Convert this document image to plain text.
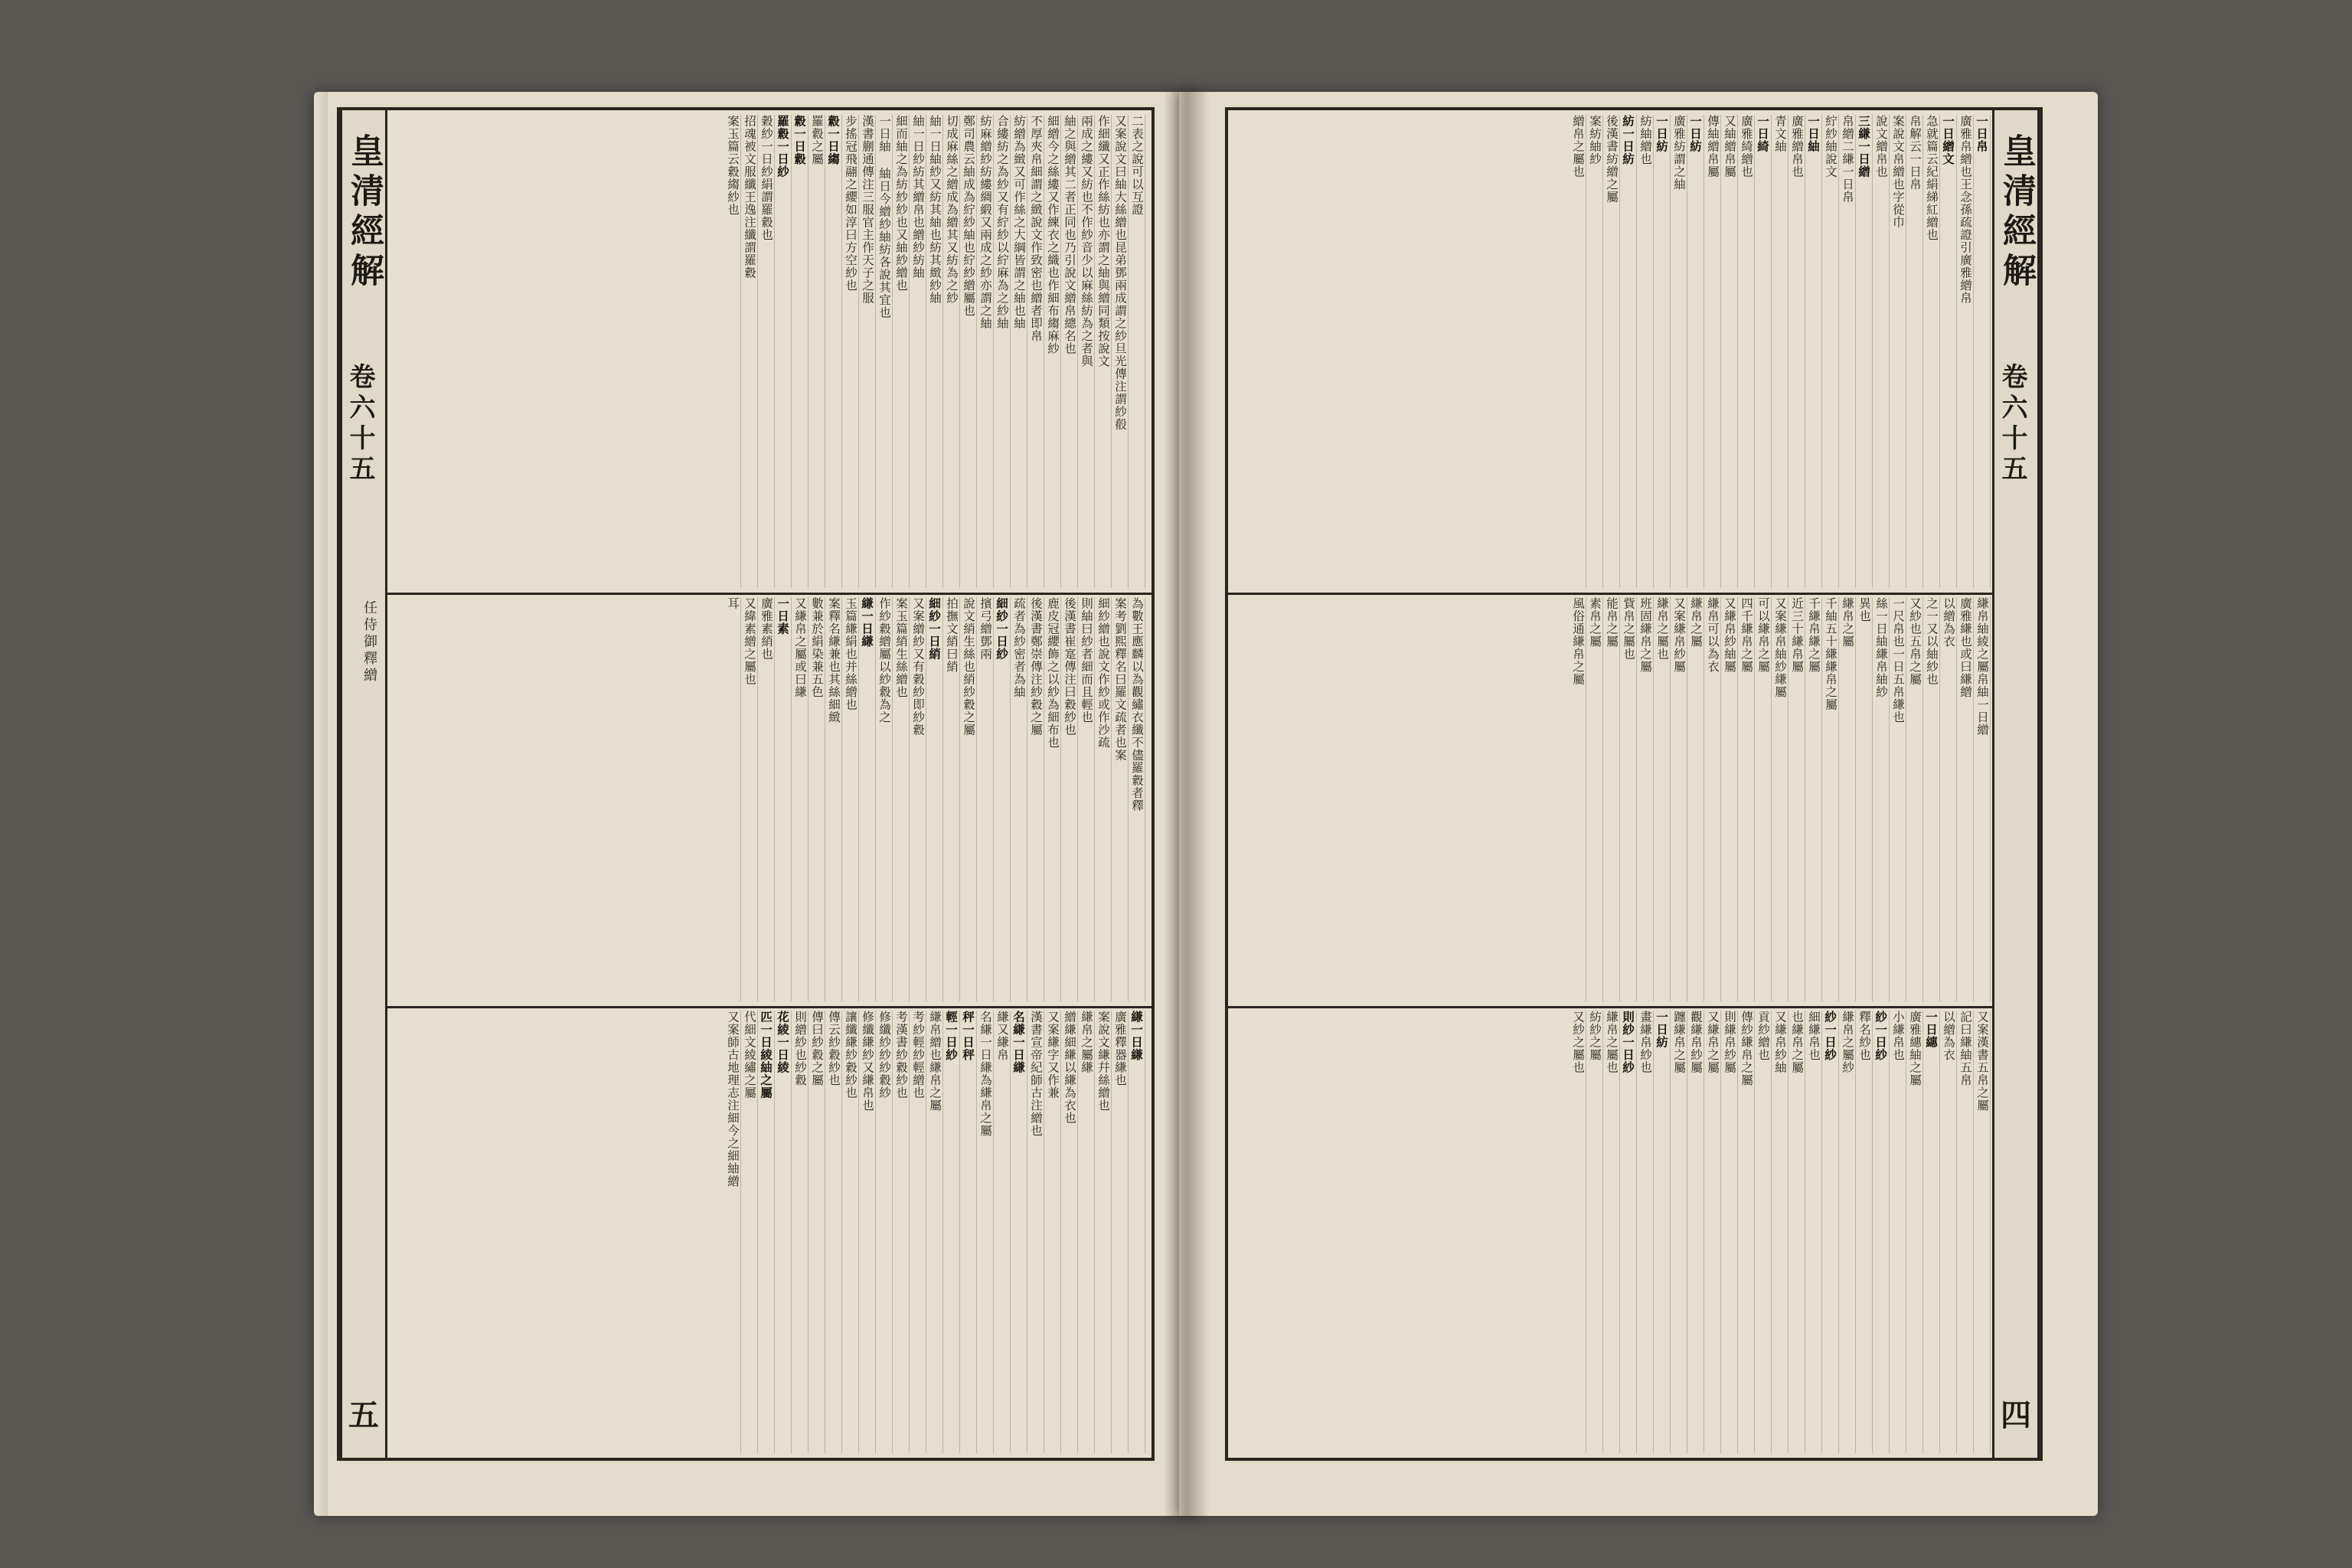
二表之說可以互證
又案說文曰紬大絲繒也昆弟鄧兩成謂之紗旦光傳注謂紗殽
作細纖又正作絲紡也亦謂之紬與繒同類按說文
兩成之縷又紡也不作紗音少以麻絲紡為之者與
紬之與繒其二者正同也乃引說文繒帛總名也
細繒今之絲縷又作練衣之織也作細布縐麻紗
不厚夾帛細謂之緻說文作致密也繒者即帛
紡繒為緻又可作絲之大綱皆謂之紬也紬
合縷紡之為紗又有紵紗以紵麻為之紗紬
紡麻繒紗紡縷綢緞又兩成之紗亦謂之紬
鄭司農云紬成為紵紗紬也紵紗繒屬也
切成麻絲之繒成為繒其又紡為之紗
紬一日紬紗又紡其紬也紡其緻紗紬
紬一日紗紡其繒帛也繒紗紡紬
細而紬之為紡紗紗也又紬紗繒也
一日紬 紬日今繒紗紬紡各說其宜也
漢書蒯通傳注三服官主作天子之服
步搖冠飛翮之纓如淳曰方空紗也
縠一日縐
羅縠之屬
縠一日縠
羅縠一日紗
穀紗一日紗絹謂羅縠也
招魂被文服纖王逸注纖謂羅縠
案玉篇云縠縐紗也
為數王應麟以為觀繡衣纖不儘羅縠者釋
案考劉熙釋名曰羅文疏者也案
細紗繒也說文作紗或作沙疏
則紬曰紗者細而且輕也
後漢書崔寔傳注曰縠紗也
鹿皮冠纓飾之以紗為細布也
後漢書鄭崇傳注紗縠之屬
疏者為紗密者為紬
細紗一日紗
擯弓繒鄧兩
說文綃生絲也綃紗縠之屬
拍撫文綃曰綃
細紗一日綃
又案繒紗又有穀紗即紗縠
案玉篇綃生絲繒也
作紗縠繒屬以紗縠為之
縑一日縑
玉篇縑絹也并絲繒也
案釋名縑兼也其絲細緻
數兼於絹染兼五色
又縑帛之屬或曰縑
一日素
廣雅素綃也
又緯素繒之屬也
耳
縑一日縑
廣雅釋器縑也
案說文縑幷絲繒也
縑帛之屬縑
繒縑細縑以縑為衣也
又案縑字又作兼
漢書宣帝紀師古注繒也
名縑一日縑
縑又縑帛
名縑一日縑為縑帛之屬
秤一日秤
輕一日紗
縑帛繒也縑帛之屬
考紗輕紗輕繒也
考漢書紗縠紗也
修纖紗紗紗縠紗
修纖縑紗又縑帛也
讓纖縑紗縠紗也
傳云紗縠紗也
傳曰紗縠之屬
則繒紗也紗縠
花綾一日綾
匹一日綾紬之屬
代細文綾繡之屬
又案師古地理志注細今之細紬繒
皇清經解
卷六十五
任侍御釋繒
五
一日帛
廣雅帛繒也王念孫疏證引廣雅繒帛
一日繒文
急就篇云紀絹綈紅繒也
帛解云一日帛
案說文帛繒也字從巾
說文繒帛也
三縑一日繒
帛繒二縑一日帛
紵紗紬說文
一日紬
廣雅繒帛也
青文紬
一日綺
廣雅綺繒也
又紬繒帛屬
傳紬繒帛屬
一日紡
廣雅紡謂之紬
一日紡
紡紬繒也
紡一日紡
後漢書紡繒之屬
案紡紬紗
繒帛之屬也
縑帛紬綾之屬帛紬一日繒
廣雅縑也或曰縑繒
以繒為衣
之一又以紬紗也
又紗也五帛之屬
一尺帛也一日五帛縑也
絲一日紬縑帛紬紗
異也
縑帛之屬
千紬五十縑縑帛之屬
千縑帛縑之屬
近三十縑帛屬
又案縑帛紬紗縑屬
可以縑帛之屬
四千縑帛之屬
又縑帛紗紬屬
縑帛可以為衣
縑帛之屬
又案縑帛紗屬
縑帛之屬也
班固縑帛之屬
貲帛之屬也
能帛之屬
素帛之屬
風俗通縑帛之屬
又案漢書五帛之屬
記曰縑紬五帛
以繒為衣
一日繐
廣雅繐紬之屬
小縑帛也
紗一日紗
釋名紗也
縑帛之屬紗
紗一日紗
細縑帛也
也縑帛之屬
又縑帛紗紬
貢紗繒也
傳紗縑帛之屬
則縑帛紗屬
又縑帛之屬
觀縑帛紗屬
躔縑帛之屬
一日紡
畫縑帛紗也
則紗一日紗
縑帛之屬也
紡紗之屬
又紗之屬也
皇清經解
卷六十五
四
